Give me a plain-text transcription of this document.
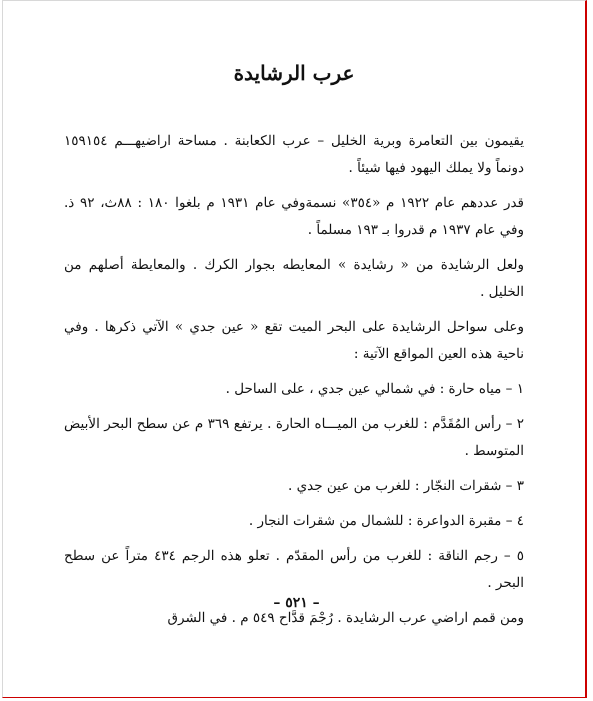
عرب الرشايدة

يقيمون بين التعامرة وبرية الخليل – عرب الكعابنة . مساحة اراضيهـــم ١٥٩١٥٤ دونماً ولا يملك اليهود فيها شيئاً .

قدر عددهم عام ١٩٢٢ م «٣٥٤» نسمةوفي عام ١٩٣١ م بلغوا ١٨٠ : ٨٨ث، ٩٢ ذ. وفي عام ١٩٣٧ م قدروا بـ ١٩٣ مسلماً .

ولعل الرشايدة من « رشايدة » المعايطه بجوار الكرك . والمعايطة أصلهم من الخليل .

وعلى سواحل الرشايدة على البحر الميت تقع « عين جدي » الآتي ذكرها . وفي ناحية هذه العين المواقع الآتية :

١ – مياه حارة : في شمالي عين جدي ، على الساحل .

٢ – رأس المُقَدَّم : للغرب من الميـــاه الحارة . يرتفع ٣٦٩ م عن سطح البحر الأبيض المتوسط .

٣ – شقرات النجّار : للغرب من عين جدي .

٤ – مقبرة الدواعرة : للشمال من شقرات النجار .

٥ – رجم الناقة : للغرب من رأس المقدّم . تعلو هذه الرجم ٤٣٤ متراً عن سطح البحر .

ومن قمم اراضي عرب الرشايدة . رُجْمَ قدَّاح ٥٤٩ م . في الشرق

– ٥٢١ –
